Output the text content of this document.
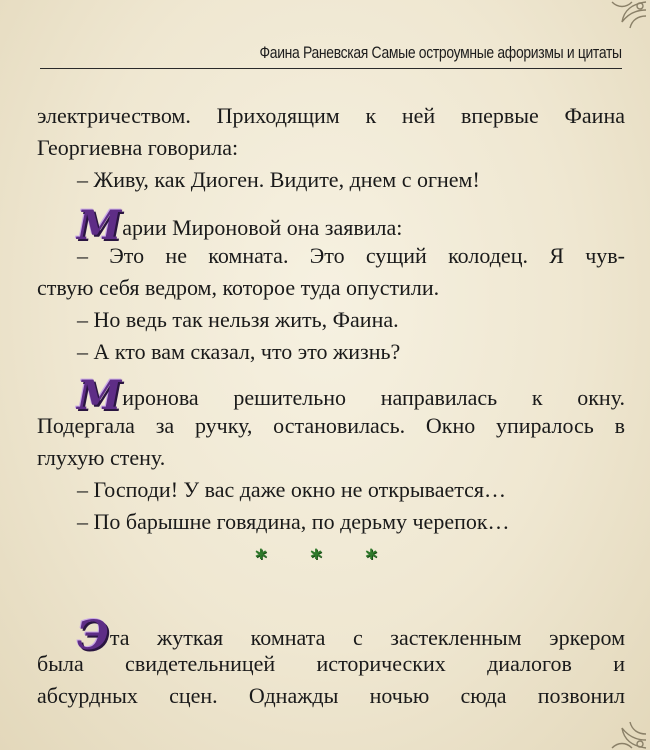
Фаина Раневская Самые остроумные афоризмы и цитаты

электричеством. Приходящим к ней впервые Фаина

Георгиевна говорила:

– Живу, как Диоген. Видите, днем с огнем!

Марии Мироновой она заявила:

– Это не комната. Это сущий колодец. Я чув-

ствую себя ведром, которое туда опустили.

– Но ведь так нельзя жить, Фаина.

– А кто вам сказал, что это жизнь?

Миронова решительно направилась к окну.

Подергала за ручку, остановилась. Окно упиралось в

глухую стену.

– Господи! У вас даже окно не открывается…

– По барышне говядина, по дерьму черепок…

* * *

Эта жуткая комната с застекленным эркером

была свидетельницей исторических диалогов и

абсурдных сцен. Однажды ночью сюда позвонил
